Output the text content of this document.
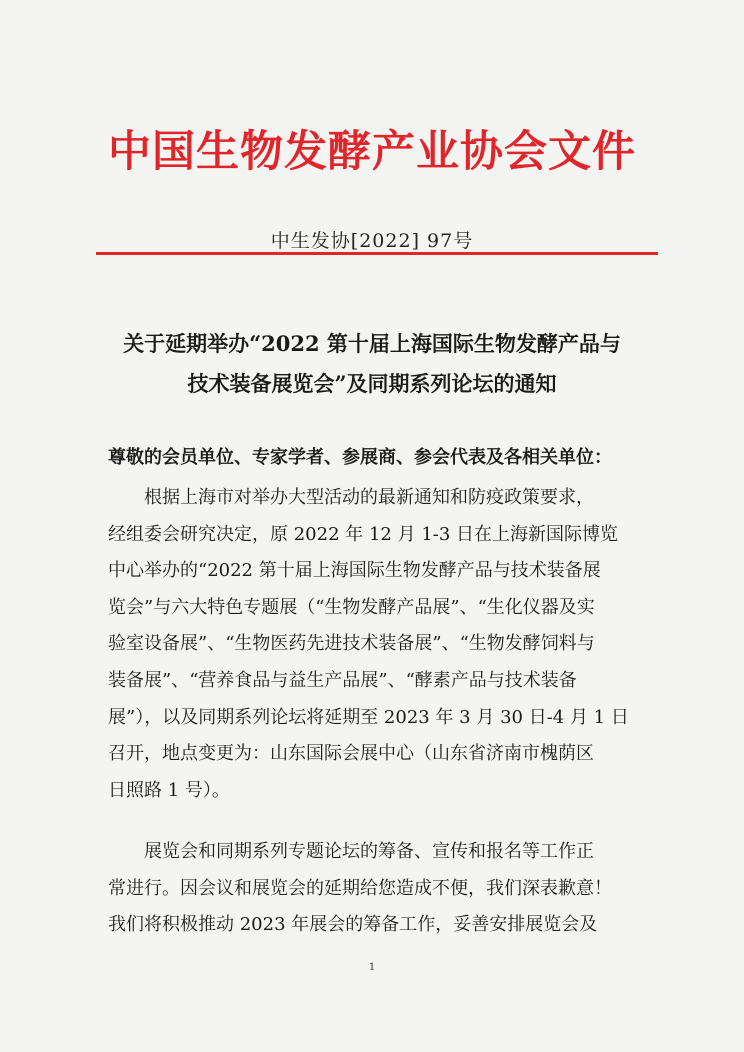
中国生物发酵产业协会文件
中生发协[2022] 97号
关于延期举办“2022 第十届上海国际生物发酵产品与
技术装备展览会”及同期系列论坛的通知
尊敬的会员单位、专家学者、参展商、参会代表及各相关单位：
根据上海市对举办大型活动的最新通知和防疫政策要求，
经组委会研究决定，原 2022 年 12 月 1-3 日在上海新国际博览
中心举办的“2022 第十届上海国际生物发酵产品与技术装备展
览会”与六大特色专题展（“生物发酵产品展”、“生化仪器及实
验室设备展”、“生物医药先进技术装备展”、“生物发酵饲料与
装备展”、“营养食品与益生产品展”、“酵素产品与技术装备
展”），以及同期系列论坛将延期至 2023 年 3 月 30 日-4 月 1 日
召开，地点变更为：山东国际会展中心（山东省济南市槐荫区
日照路 1 号）。
展览会和同期系列专题论坛的筹备、宣传和报名等工作正
常进行。因会议和展览会的延期给您造成不便，我们深表歉意！
我们将积极推动 2023 年展会的筹备工作，妥善安排展览会及
1
